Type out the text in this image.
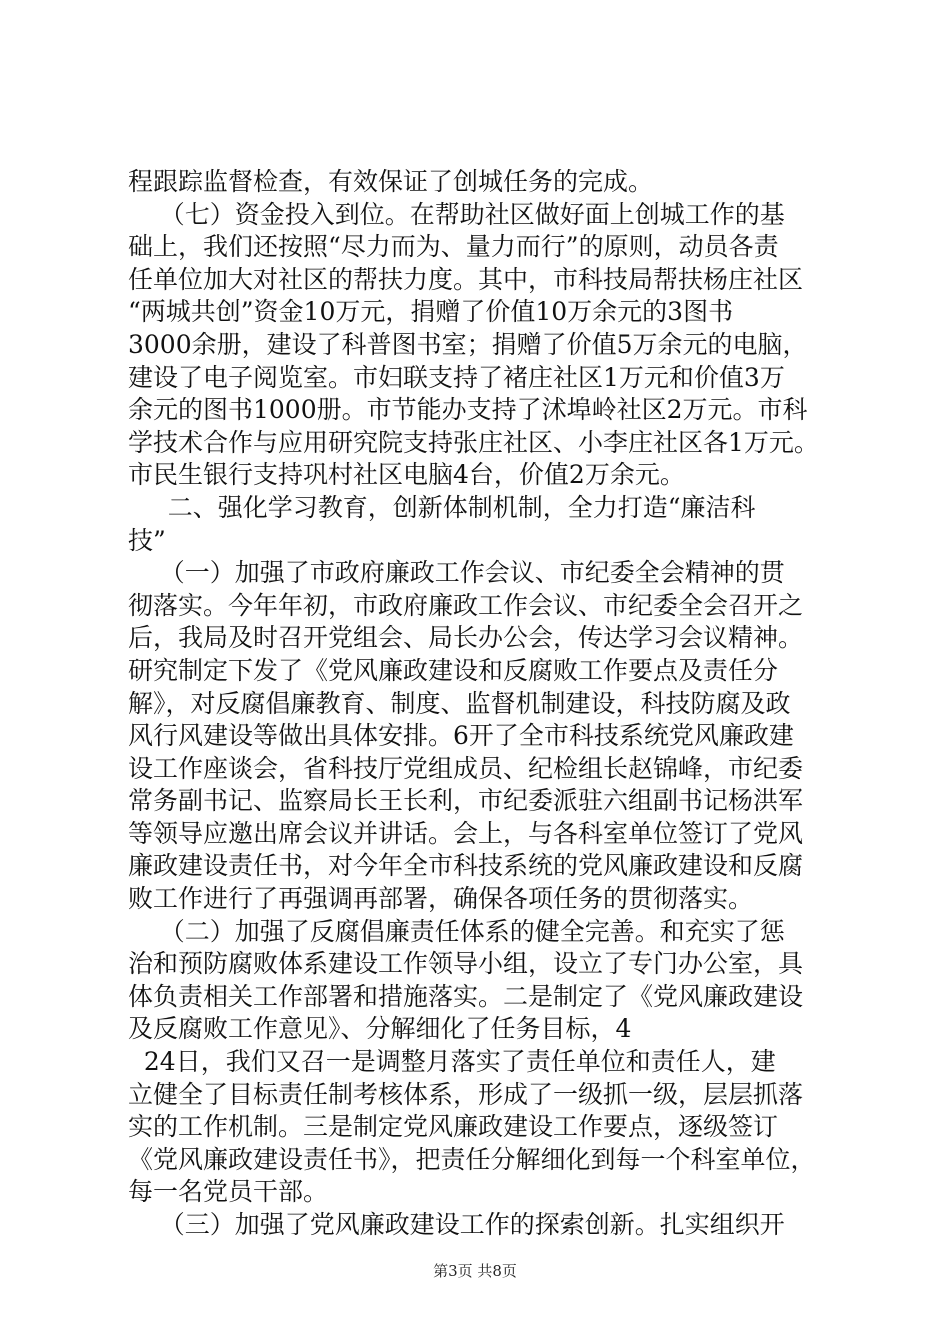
程跟踪监督检查，有效保证了创城任务的完成。
（七）资金投入到位。在帮助社区做好面上创城工作的基
础上，我们还按照“尽力而为、量力而行”的原则，动员各责
任单位加大对社区的帮扶力度。其中，市科技局帮扶杨庄社区
“两城共创”资金10万元，捐赠了价值10万余元的3图书
3000余册，建设了科普图书室；捐赠了价值5万余元的电脑，
建设了电子阅览室。市妇联支持了褚庄社区1万元和价值3万
余元的图书1000册。市节能办支持了沭埠岭社区2万元。市科
学技术合作与应用研究院支持张庄社区、小李庄社区各1万元。
市民生银行支持巩村社区电脑4台，价值2万余元。
二、强化学习教育，创新体制机制，全力打造“廉洁科
技”
（一）加强了市政府廉政工作会议、市纪委全会精神的贯
彻落实。今年年初，市政府廉政工作会议、市纪委全会召开之
后，我局及时召开党组会、局长办公会，传达学习会议精神。
研究制定下发了《党风廉政建设和反腐败工作要点及责任分
解》，对反腐倡廉教育、制度、监督机制建设，科技防腐及政
风行风建设等做出具体安排。6开了全市科技系统党风廉政建
设工作座谈会，省科技厅党组成员、纪检组长赵锦峰，市纪委
常务副书记、监察局长王长利，市纪委派驻六组副书记杨洪军
等领导应邀出席会议并讲话。会上，与各科室单位签订了党风
廉政建设责任书，对今年全市科技系统的党风廉政建设和反腐
败工作进行了再强调再部署，确保各项任务的贯彻落实。
（二）加强了反腐倡廉责任体系的健全完善。和充实了惩
治和预防腐败体系建设工作领导小组，设立了专门办公室，具
体负责相关工作部署和措施落实。二是制定了《党风廉政建设
及反腐败工作意见》、分解细化了任务目标，4
24日，我们又召一是调整月落实了责任单位和责任人，建
立健全了目标责任制考核体系，形成了一级抓一级，层层抓落
实的工作机制。三是制定党风廉政建设工作要点，逐级签订
《党风廉政建设责任书》，把责任分解细化到每一个科室单位，
每一名党员干部。
（三）加强了党风廉政建设工作的探索创新。扎实组织开
第3页 共8页
